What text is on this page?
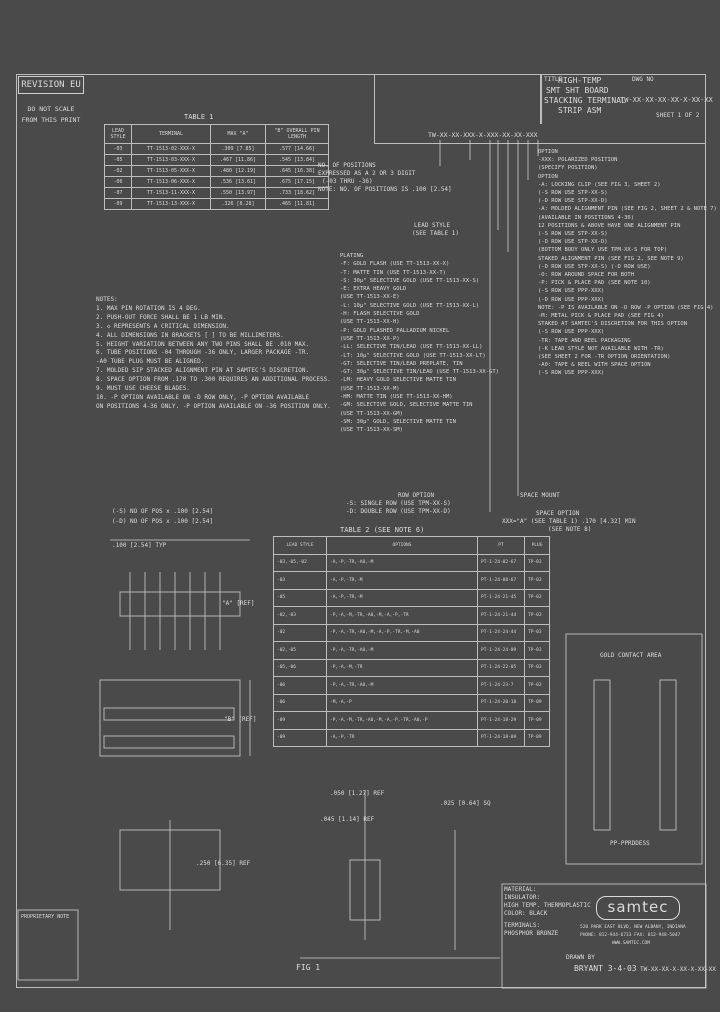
REVISION EU
DO NOT SCALE
FROM THIS PRINT
TITLE
HIGH-TEMP
SMT SHT BOARD
STACKING TERMINAL
STRIP ASM
DWG NO
TW-XX-XX-XX-XX-X-XX-XX
SHEET 1 OF 2
TW-XX-XX-XXX-X-XXX-XX-XX-XXX
TABLE 1
LEAD STYLE	TERMINAL	MAX "A"	"B" OVERALL PIN LENGTH
-03	TT-1513-02-XXX-X	.309 [7.85]	.577 [14.66]
-05	TT-1513-03-XXX-X	.467 [11.86]	.545 [13.84]
-02	TT-1513-05-XXX-X	.480 [12.19]	.645 [16.38]
-06	TT-1513-06-XXX-X	.536 [13.61]	.675 [17.15]
-07	TT-1513-11-XXX-X	.550 [13.97]	.733 [18.62]
-09	TT-1513-13-XXX-X	.326 [8.28]	.465 [11.81]
NOTES:
1. MAX PIN ROTATION IS 4 DEG.
2. PUSH-OUT FORCE SHALL BE 1 LB MIN.
3. ◇ REPRESENTS A CRITICAL DIMENSION.
4. ALL DIMENSIONS IN BRACKETS [ ] TO BE MILLIMETERS.
5. HEIGHT VARIATION BETWEEN ANY TWO PINS SHALL BE .010 MAX.
6. TUBE POSITIONS -04 THROUGH -36 ONLY, LARGER PACKAGE -TR.
-A0 TUBE PLUG MUST BE ALIGNED.
7. MOLDED SIP STACKED ALIGNMENT PIN AT SAMTEC'S DISCRETION.
8. SPACE OPTION FROM .170 TO .300 REQUIRES AN ADDITIONAL PROCESS.
9. MUST USE CHEESE BLADES.
10. -P OPTION AVAILABLE ON -D ROW ONLY, -P OPTION AVAILABLE
ON POSITIONS 4-36 ONLY. -P OPTION AVAILABLE ON -36 POSITION ONLY.
NO. OF POSITIONS
EXPRESSED AS A 2 OR 3 DIGIT
(-03 THRU -36)
NOTE: NO. OF POSITIONS IS .100 [2.54]
LEAD STYLE
(SEE TABLE 1)
PLATING
-F: GOLD FLASH (USE TT-1513-XX-X)
-T: MATTE TIN (USE TT-1513-XX-T)
-S: 30µ" SELECTIVE GOLD (USE TT-1513-XX-S)
-E: EXTRA HEAVY GOLD
(USE TT-1513-XX-E)
-L: 10µ" SELECTIVE GOLD (USE TT-1513-XX-L)
-H: FLASH SELECTIVE GOLD
(USE TT-1513-XX-H)
-P: GOLD FLASHED PALLADIUM NICKEL
(USE TT-1513-XX-P)
-LL: SELECTIVE TIN/LEAD (USE TT-1513-XX-LL)
-LT: 10µ" SELECTIVE GOLD (USE TT-1513-XX-LT)
-GT: SELECTIVE TIN/LEAD PREPLATE, TIN
-GT: 30µ" SELECTIVE TIN/LEAD (USE TT-1513-XX-GT)
-LM: HEAVY GOLD SELECTIVE MATTE TIN
(USE TT-1513-XX-M)
-HM: MATTE TIN (USE TT-1513-XX-HM)
-GM: SELECTIVE GOLD, SELECTIVE MATTE TIN
(USE TT-1513-XX-GM)
-SM: 30µ" GOLD, SELECTIVE MATTE TIN
(USE TT-1513-XX-SM)
ROW OPTION
-S: SINGLE ROW (USE TPM-XX-S)
-D: DOUBLE ROW (USE TPM-XX-D)
SPACE MOUNT
SPACE OPTION
XXX="A" (SEE TABLE 1) .170 [4.32] MIN
(SEE NOTE 8)
OPTION
-XXX: POLARIZED POSITION
(SPECIFY POSITION)
OPTION
-A: LOCKING CLIP (SEE FIG 3, SHEET 2)
(-S ROW USE STP-XX-S)
(-D ROW USE STP-XX-D)
-A: MOLDED ALIGNMENT PIN (SEE FIG 2, SHEET 2 & NOTE 7)
(AVAILABLE IN POSITIONS 4-36)
12 POSITIONS & ABOVE HAVE ONE ALIGNMENT PIN
(-S ROW USE STP-XX-S)
(-D ROW USE STP-XX-D)
(BOTTOM BODY ONLY USE TPM-XX-S FOR TOP)
STAKED ALIGNMENT PIN (SEE FIG 2, SEE NOTE 9)
(-D ROW USE STP-XX-S) (-D ROW USE)
-O: ROW AROUND SPACE FOR BOTH
-P: PICK & PLACE PAD (SEE NOTE 10)
(-S ROW USE PPP-XXX)
(-D ROW USE PPP-XXX)
NOTE: -P IS AVAILABLE ON -D ROW -P OPTION (SEE FIG 4)
-M: METAL PICK & PLACE PAD (SEE FIG 4)
STAKED AT SAMTEC'S DISCRETION FOR THIS OPTION
(-S ROW USE PPP-XXX)
-TR: TAPE AND REEL PACKAGING
(-K LEAD STYLE NOT AVAILABLE WITH -TR)
(SEE SHEET 2 FOR -TR OPTION ORIENTATION)
-A0: TAPE & REEL WITH SPACE OPTION
(-S ROW USE PPP-XXX)
TABLE 2 (SEE NOTE 6)
LEAD STYLE	OPTIONS	PT	PLUG
-03,-05,-02	-A,-P,-TR,-A0,-M	PT-1-24-02-67	TP-03
-03	-A,-P,-TR,-M	PT-1-24-08-67	TP-03
-05	-A,-P,-TR,-M	PT-1-24-21-45	TP-03
-02,-03	-P,-A,-M,-TR,-A0,-M,-A,-P,-TR	PT-1-24-21-44	TP-03
-02	-P,-A,-TR,-A0,-M,-A,-P,-TR,-M,-A0	PT-1-24-24-44	TP-03
-02,-05	-P,-A,-TR,-A0,-M	PT-1-24-24-09	TP-03
-05,-06	-P,-A,-M,-TR	PT-1-24-22-05	TP-03
-06	-P,-A,-TR,-A0,-M	PT-1-24-23-7	TP-03
-06	-M,-A,-P	PT-1-24-20-18	TP-09
-09	-P,-A,-M,-TR,-A0,-M,-A,-P,-TR,-A0,-P	PT-1-24-18-29	TP-09
-09	-A,-P,-TR	PT-1-24-18-09	TP-09
(-S) NO OF POS x .100 [2.54]
(-D) NO OF POS x .100 [2.54]
.100 [2.54] TYP
"A" [REF]
"B" [REF]
.250 [6.35] REF
GOLD CONTACT AREA
FIG 1
PP-PPRDDESS
.050 [1.27] REF
.025 [0.64] SQ
.045 [1.14] REF
PROPRIETARY NOTE
MATERIAL:
INSULATOR:
HIGH TEMP. THERMOPLASTIC
COLOR: BLACK
TERMINALS:
PHOSPHOR BRONZE
samtec
520 PARK EAST BLVD, NEW ALBANY, INDIANA
PHONE: 812-944-6733 FAX: 812-948-5047
WWW.SAMTEC.COM
DRAWN BY
BRYANT 3-4-03 TW-XX-XX-X-XX-X-XX-XX
